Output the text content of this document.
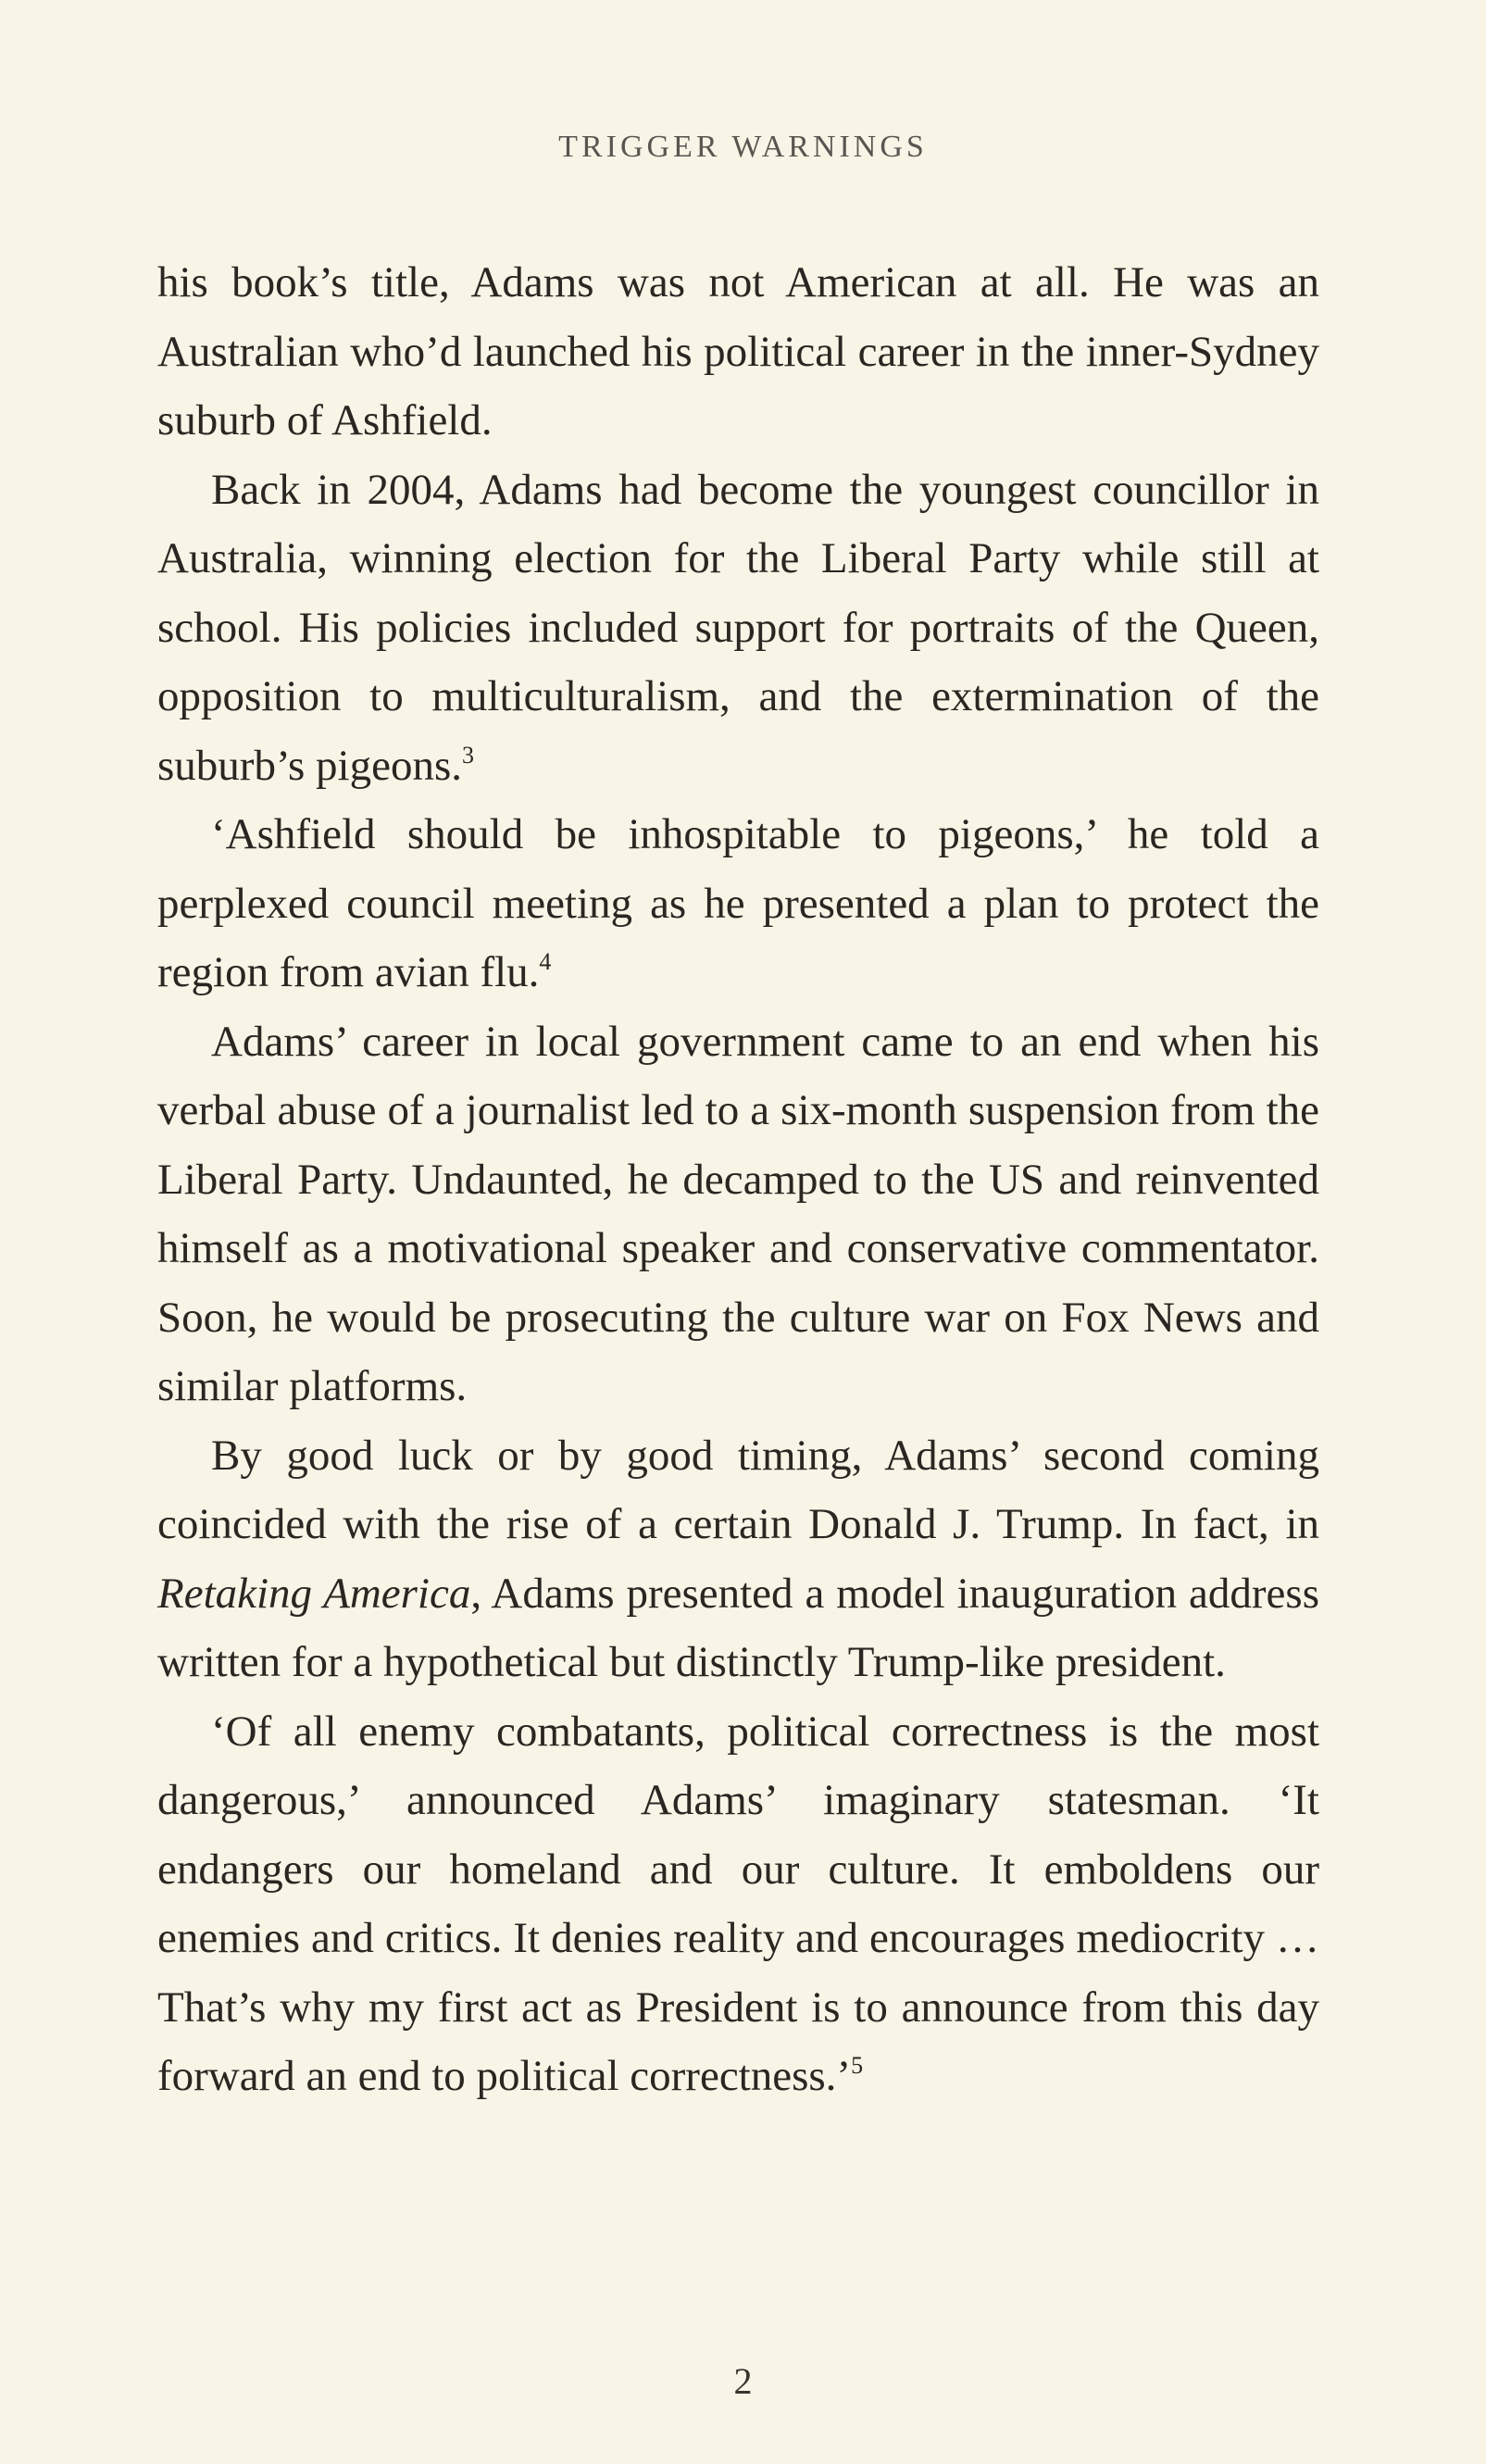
TRIGGER WARNINGS

his book’s title, Adams was not American at all. He was an Australian who’d launched his political career in the inner-Sydney suburb of Ashfield.

Back in 2004, Adams had become the youngest councillor in Australia, winning election for the Liberal Party while still at school. His policies included support for portraits of the Queen, opposition to multiculturalism, and the extermination of the suburb’s pigeons.$^3$

‘Ashfield should be inhospitable to pigeons,’ he told a perplexed council meeting as he presented a plan to protect the region from avian flu.$^4$

Adams’ career in local government came to an end when his verbal abuse of a journalist led to a six-month suspension from the Liberal Party. Undaunted, he decamped to the US and reinvented himself as a motivational speaker and conservative commentator. Soon, he would be prosecuting the culture war on Fox News and similar platforms.

By good luck or by good timing, Adams’ second coming coincided with the rise of a certain Donald J. Trump. In fact, in Retaking America, Adams presented a model inauguration address written for a hypothetical but distinctly Trump-like president.

‘Of all enemy combatants, political correctness is the most dangerous,’ announced Adams’ imaginary statesman. ‘It endangers our homeland and our culture. It emboldens our enemies and critics. It denies reality and encourages mediocrity … That’s why my first act as President is to announce from this day forward an end to political correctness.’$^5$

2
